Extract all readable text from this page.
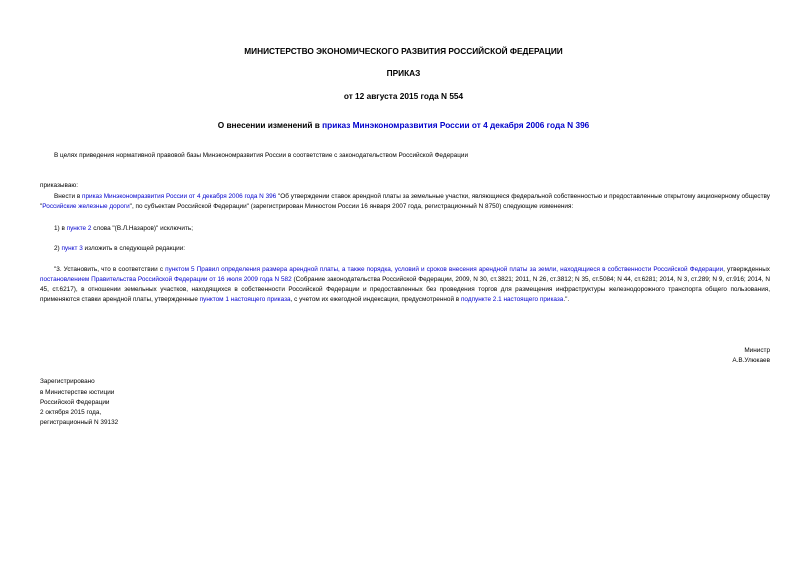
МИНИСТЕРСТВО ЭКОНОМИЧЕСКОГО РАЗВИТИЯ РОССИЙСКОЙ ФЕДЕРАЦИИ
ПРИКАЗ
от 12 августа 2015 года N 554
О внесении изменений в приказ Минэкономразвития России от 4 декабря 2006 года N 396
В целях приведения нормативной правовой базы Минэкономразвития России в соответствие с законодательством Российской Федерации
приказываю:
Внести в приказ Минэкономразвития России от 4 декабря 2006 года N 396 "Об утверждении ставок арендной платы за земельные участки, являющиеся федеральной собственностью и предоставленные открытому акционерному обществу "Российские железные дороги", по субъектам Российской Федерации" (зарегистрирован Минюстом России 16 января 2007 года, регистрационный N 8750) следующие изменения:
1) в пункте 2 слова "(В.Л.Назаров)" исключить;
2) пункт 3 изложить в следующей редакции:
"3. Установить, что в соответствии с пунктом 5 Правил определения размера арендной платы, а также порядка, условий и сроков внесения арендной платы за земли, находящиеся в собственности Российской Федерации, утвержденных постановлением Правительства Российской Федерации от 16 июля 2009 года N 582 (Собрание законодательства Российской Федерации, 2009, N 30, ст.3821; 2011, N 26, ст.3812; N 35, ст.5084; N 44, ст.6281; 2014, N 3, ст.289; N 9, ст.916; 2014, N 45, ст.6217), в отношении земельных участков, находящихся в собственности Российской Федерации и предоставленных без проведения торгов для размещения инфраструктуры железнодорожного транспорта общего пользования, применяются ставки арендной платы, утвержденные пунктом 1 настоящего приказа, с учетом их ежегодной индексации, предусмотренной в подпункте 2.1 настоящего приказа.".
Министр
А.В.Улюкаев
Зарегистрировано
в Министерстве юстиции
Российской Федерации
2 октября 2015 года,
регистрационный N 39132
